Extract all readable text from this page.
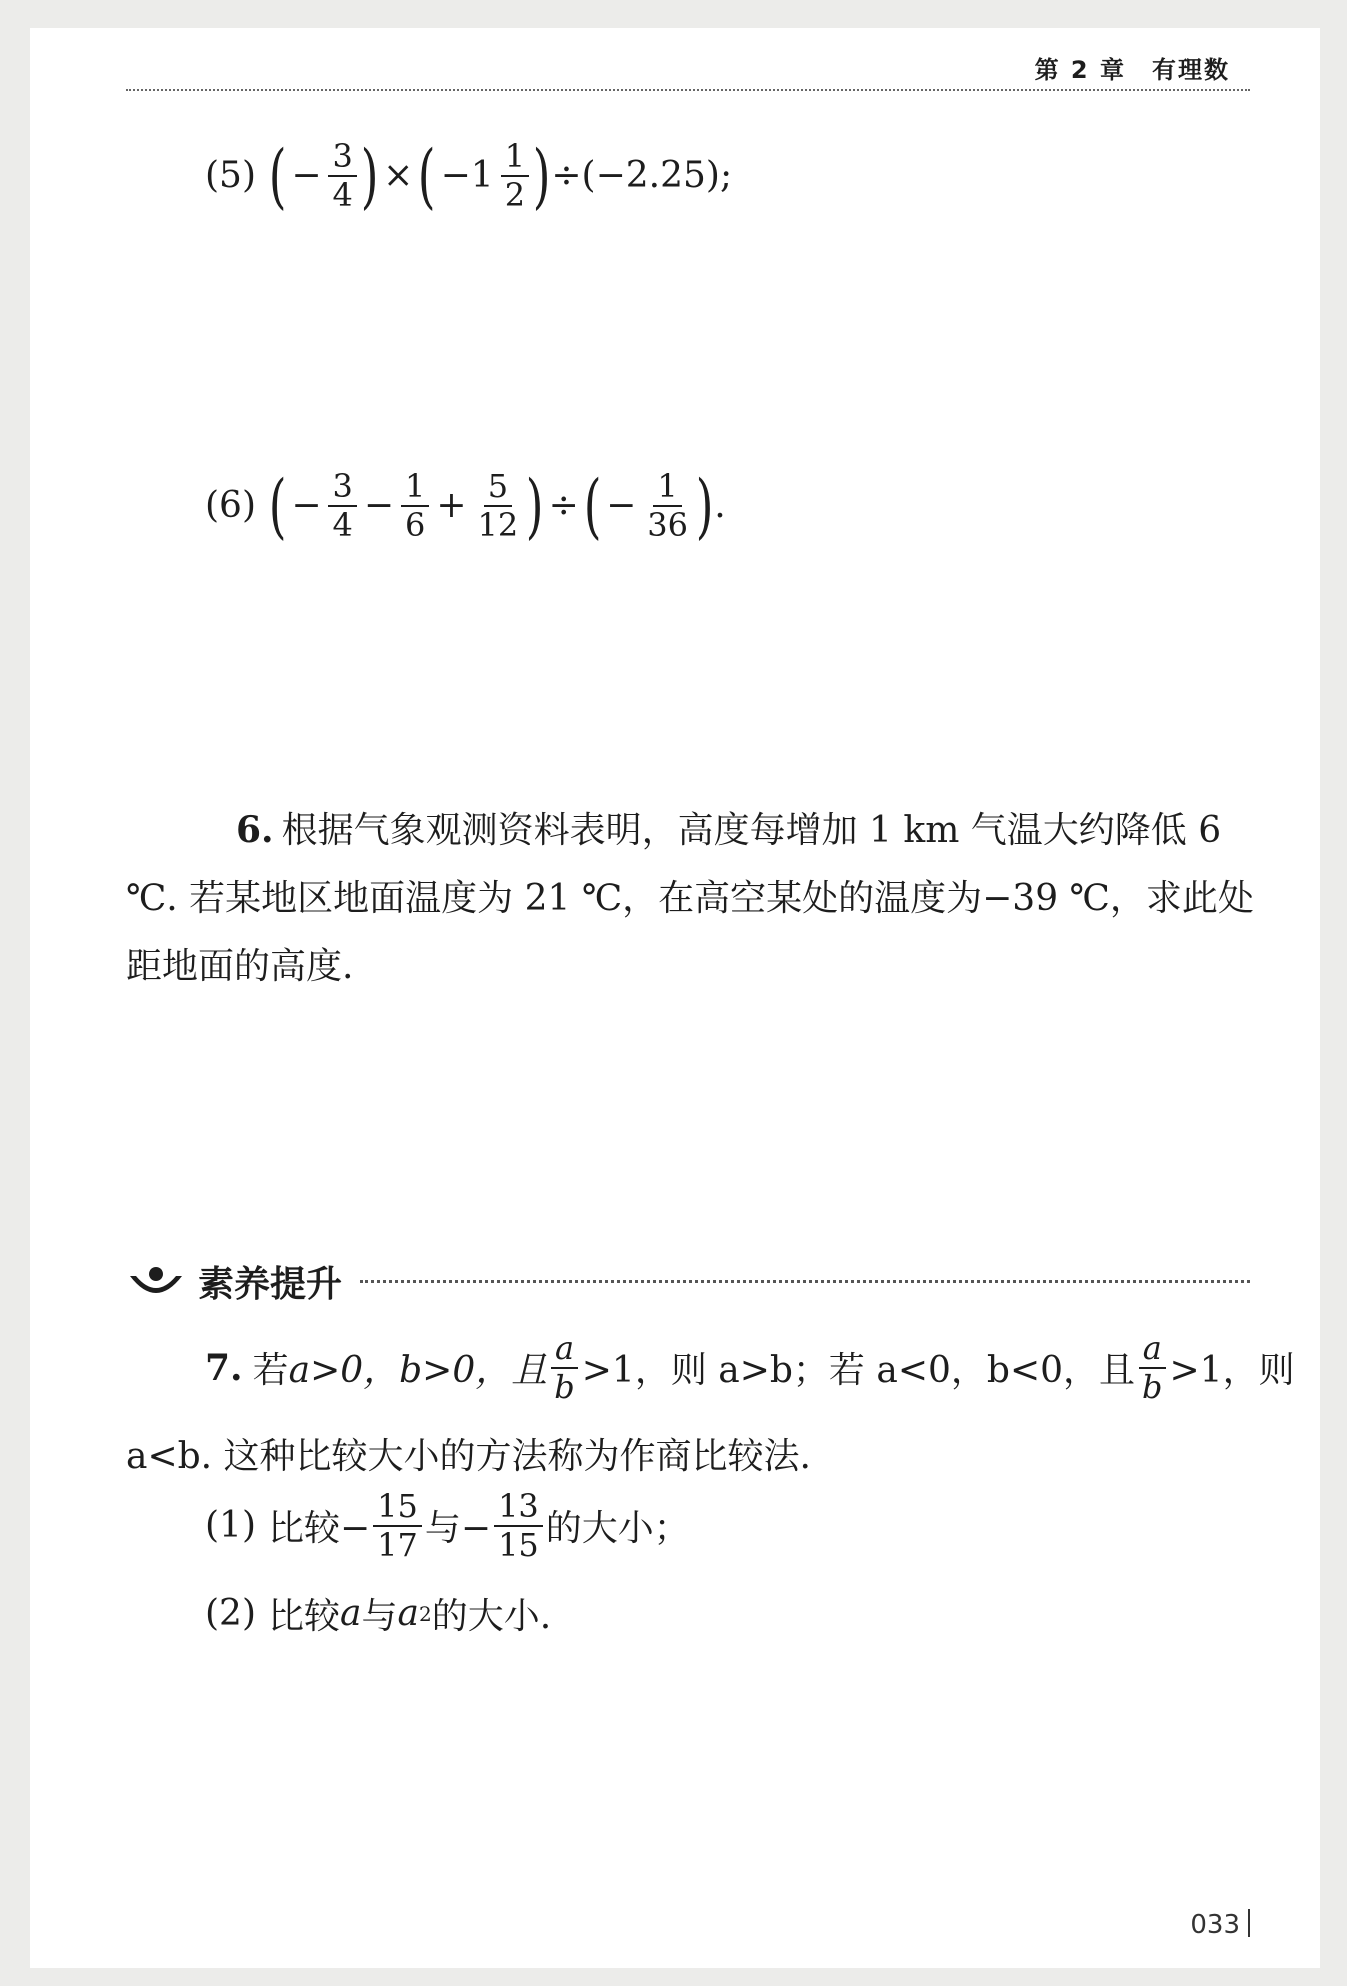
第 2 章　有理数
(5) ( − $\frac{3}{4}$ ) × ( $-1 \frac{1}{2}$ ) ÷(−2.25);
(6) ( − $\frac{3}{4} - \frac{1}{6} + \frac{5}{12}$ ) ÷ ( − $\frac{1}{36}$ ) .
6. 根据气象观测资料表明，高度每增加 1 km 气温大约降低 6 ℃. 若某地区地面温度为 21 ℃，在高空某处的温度为−39 ℃，求此处距地面的高度.
素养提升
7. 若 a>0，b>0，且 $\frac{a}{b} >1$，则 a>b；若 a<0，b<0，且 $\frac{a}{b} >1$，则
a<b. 这种比较大小的方法称为作商比较法.
(1) 比较− $\frac{15}{17}$ 与− $\frac{13}{15}$ 的大小；
(2) 比较 a 与 a 2 的大小.
033
